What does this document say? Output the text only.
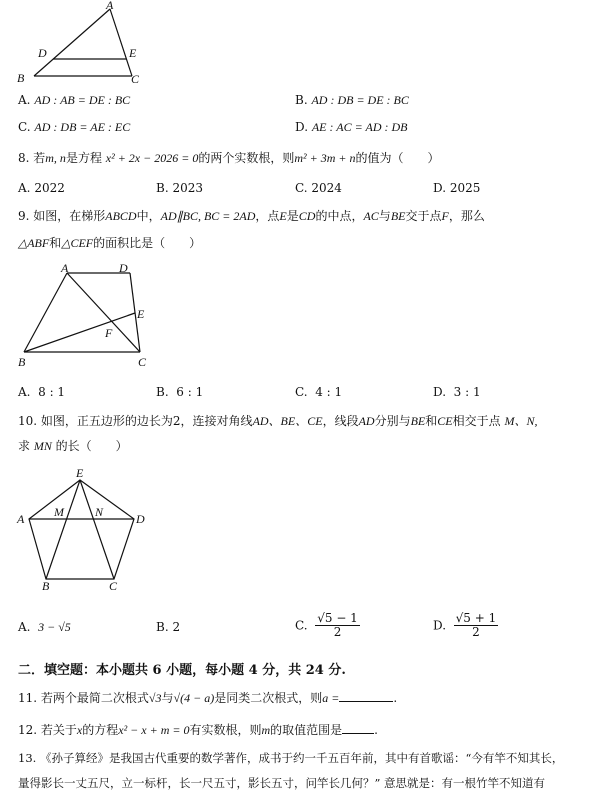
A
D	E
B	C
A. AD : AB = DE : BC	B. AD : DB = DE : BC
C. AD : DB = AE : EC	D. AE : AC = AD : DB
8. 若m, n是方程 x² + 2x − 2026 = 0的两个实数根，则m² + 3m + n的值为（　　）
A. 2022	B. 2023	C. 2024	D. 2025
9. 如图，在梯形ABCD中，AD∥BC, BC = 2AD，点E是CD的中点，AC与BE交于点F，那么
△ABF和△CEF的面积比是（　　）
A	D
E
F
B	C
A. 8 : 1	B. 6 : 1	C. 4 : 1	D. 3 : 1
10. 如图，正五边形的边长为2，连接对角线AD、BE、CE，线段AD分别与BE和CE相交于点 M、N,
求 MN 的长（　　）
E
A M	N	D
B	C
A. 3 − √5	B. 2	C. $\frac{√5 - 1}{2}$	D. $\frac{√5 + 1}{2}$
二．填空题：本小题共 6 小题，每小题 4 分，共 24 分.
11. 若两个最简二次根式√3与√(4 − a)是同类二次根式，则a =	.
12. 若关于x的方程x² − x + m = 0有实数根，则m的取值范围是	.
13. 《孙子算经》是我国古代重要的数学著作，成书于约一千五百年前，其中有首歌谣：“今有竿不知其长，
量得影长一丈五尺，立一标杆，长一尺五寸，影长五寸，问竿长几何？” 意思就是：有一根竹竿不知道有
